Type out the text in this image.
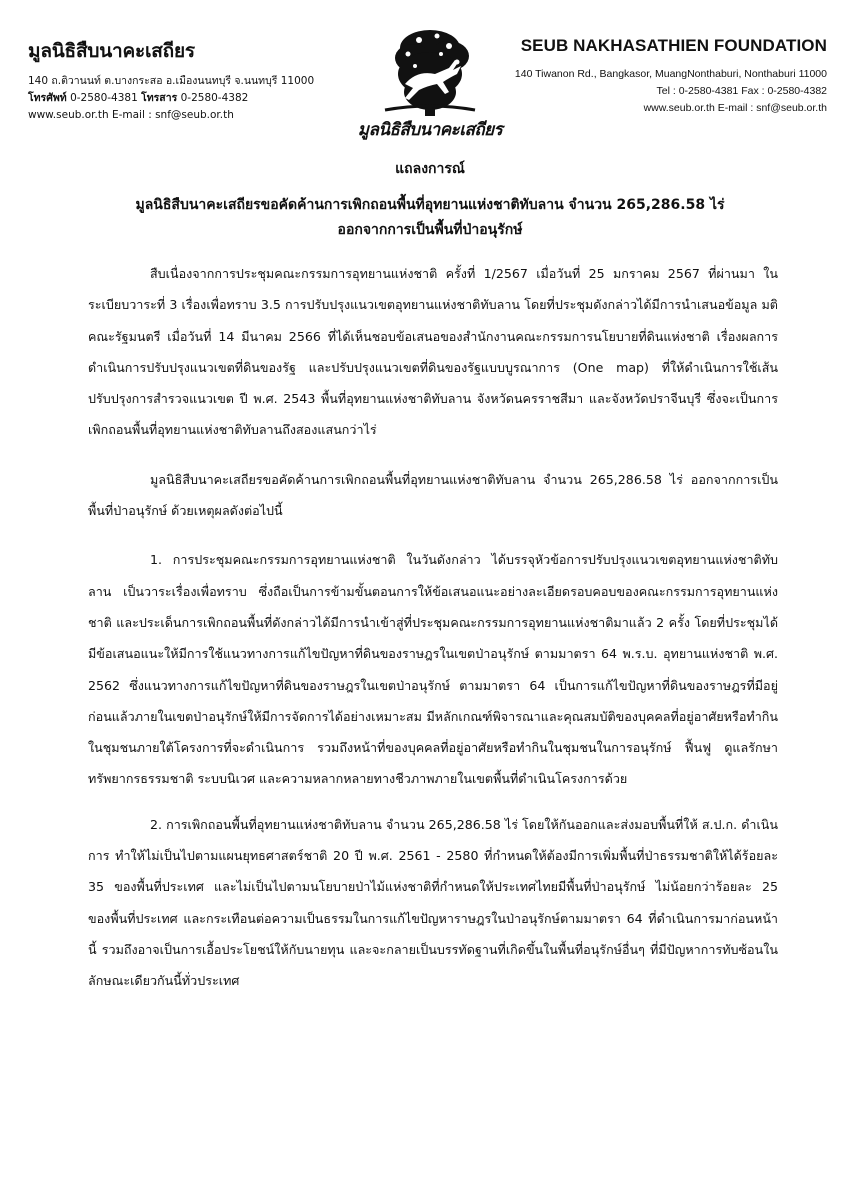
มูลนิธิสืบนาคะเสถียร
140 ถ.ติวานนท์ ต.บางกระสอ อ.เมืองนนทบุรี จ.นนทบุรี 11000
โทรศัพท์ 0-2580-4381 โทรสาร 0-2580-4382
www.seub.or.th E-mail : snf@seub.or.th
มูลนิธิสืบนาคะเสถียร
SEUB NAKHASATHIEN FOUNDATION
140 Tiwanon Rd., Bangkasor, MuangNonthaburi, Nonthaburi 11000
Tel : 0-2580-4381 Fax : 0-2580-4382
www.seub.or.th E-mail : snf@seub.or.th
แถลงการณ์
มูลนิธิสืบนาคะเสถียรขอคัดค้านการเพิกถอนพื้นที่อุทยานแห่งชาติทับลาน จำนวน 265,286.58 ไร่
ออกจากการเป็นพื้นที่ป่าอนุรักษ์

สืบเนื่องจากการประชุมคณะกรรมการอุทยานแห่งชาติ ครั้งที่ 1/2567 เมื่อวันที่ 25 มกราคม 2567 ที่ผ่านมา ในระเบียบวาระที่ 3 เรื่องเพื่อทราบ 3.5 การปรับปรุงแนวเขตอุทยานแห่งชาติทับลาน โดยที่ประชุมดังกล่าวได้มีการนำเสนอข้อมูล มติคณะรัฐมนตรี เมื่อวันที่ 14 มีนาคม 2566 ที่ได้เห็นชอบข้อเสนอของสำนักงานคณะกรรมการนโยบายที่ดินแห่งชาติ เรื่องผลการดำเนินการปรับปรุงแนวเขตที่ดินของรัฐ และปรับปรุงแนวเขตที่ดินของรัฐแบบบูรณาการ (One map) ที่ให้ดำเนินการใช้เส้นปรับปรุงการสำรวจแนวเขต ปี พ.ศ. 2543 พื้นที่อุทยานแห่งชาติทับลาน จังหวัดนครราชสีมา และจังหวัดปราจีนบุรี ซึ่งจะเป็นการเพิกถอนพื้นที่อุทยานแห่งชาติทับลานถึงสองแสนกว่าไร่

มูลนิธิสืบนาคะเสถียรขอคัดค้านการเพิกถอนพื้นที่อุทยานแห่งชาติทับลาน จำนวน 265,286.58 ไร่ ออกจากการเป็นพื้นที่ป่าอนุรักษ์ ด้วยเหตุผลดังต่อไปนี้

1. การประชุมคณะกรรมการอุทยานแห่งชาติ ในวันดังกล่าว ได้บรรจุหัวข้อการปรับปรุงแนวเขตอุทยานแห่งชาติทับลาน เป็นวาระเรื่องเพื่อทราบ ซึ่งถือเป็นการข้ามขั้นตอนการให้ข้อเสนอแนะอย่างละเอียดรอบคอบของคณะกรรมการอุทยานแห่งชาติ และประเด็นการเพิกถอนพื้นที่ดังกล่าวได้มีการนำเข้าสู่ที่ประชุมคณะกรรมการอุทยานแห่งชาติมาแล้ว 2 ครั้ง โดยที่ประชุมได้มีข้อเสนอแนะให้มีการใช้แนวทางการแก้ไขปัญหาที่ดินของราษฎรในเขตป่าอนุรักษ์ ตามมาตรา 64 พ.ร.บ. อุทยานแห่งชาติ พ.ศ. 2562 ซึ่งแนวทางการแก้ไขปัญหาที่ดินของราษฎรในเขตป่าอนุรักษ์ ตามมาตรา 64 เป็นการแก้ไขปัญหาที่ดินของราษฎรที่มีอยู่ก่อนแล้วภายในเขตป่าอนุรักษ์ให้มีการจัดการได้อย่างเหมาะสม มีหลักเกณฑ์พิจารณาและคุณสมบัติของบุคคลที่อยู่อาศัยหรือทำกินในชุมชนภายใต้โครงการที่จะดำเนินการ รวมถึงหน้าที่ของบุคคลที่อยู่อาศัยหรือทำกินในชุมชนในการอนุรักษ์ ฟื้นฟู ดูแลรักษาทรัพยากรธรรมชาติ ระบบนิเวศ และความหลากหลายทางชีวภาพภายในเขตพื้นที่ดำเนินโครงการด้วย

2. การเพิกถอนพื้นที่อุทยานแห่งชาติทับลาน จำนวน 265,286.58 ไร่ โดยให้กันออกและส่งมอบพื้นที่ให้ ส.ป.ก. ดำเนินการ ทำให้ไม่เป็นไปตามแผนยุทธศาสตร์ชาติ 20 ปี พ.ศ. 2561 - 2580 ที่กำหนดให้ต้องมีการเพิ่มพื้นที่ป่าธรรมชาติให้ได้ร้อยละ 35 ของพื้นที่ประเทศ และไม่เป็นไปตามนโยบายป่าไม้แห่งชาติที่กำหนดให้ประเทศไทยมีพื้นที่ป่าอนุรักษ์ ไม่น้อยกว่าร้อยละ 25 ของพื้นที่ประเทศ และกระเทือนต่อความเป็นธรรมในการแก้ไขปัญหาราษฎรในป่าอนุรักษ์ตามมาตรา 64 ที่ดำเนินการมาก่อนหน้านี้ รวมถึงอาจเป็นการเอื้อประโยชน์ให้กับนายทุน และจะกลายเป็นบรรทัดฐานที่เกิดขึ้นในพื้นที่อนุรักษ์อื่นๆ ที่มีปัญหาการทับซ้อนในลักษณะเดียวกันนี้ทั่วประเทศ
